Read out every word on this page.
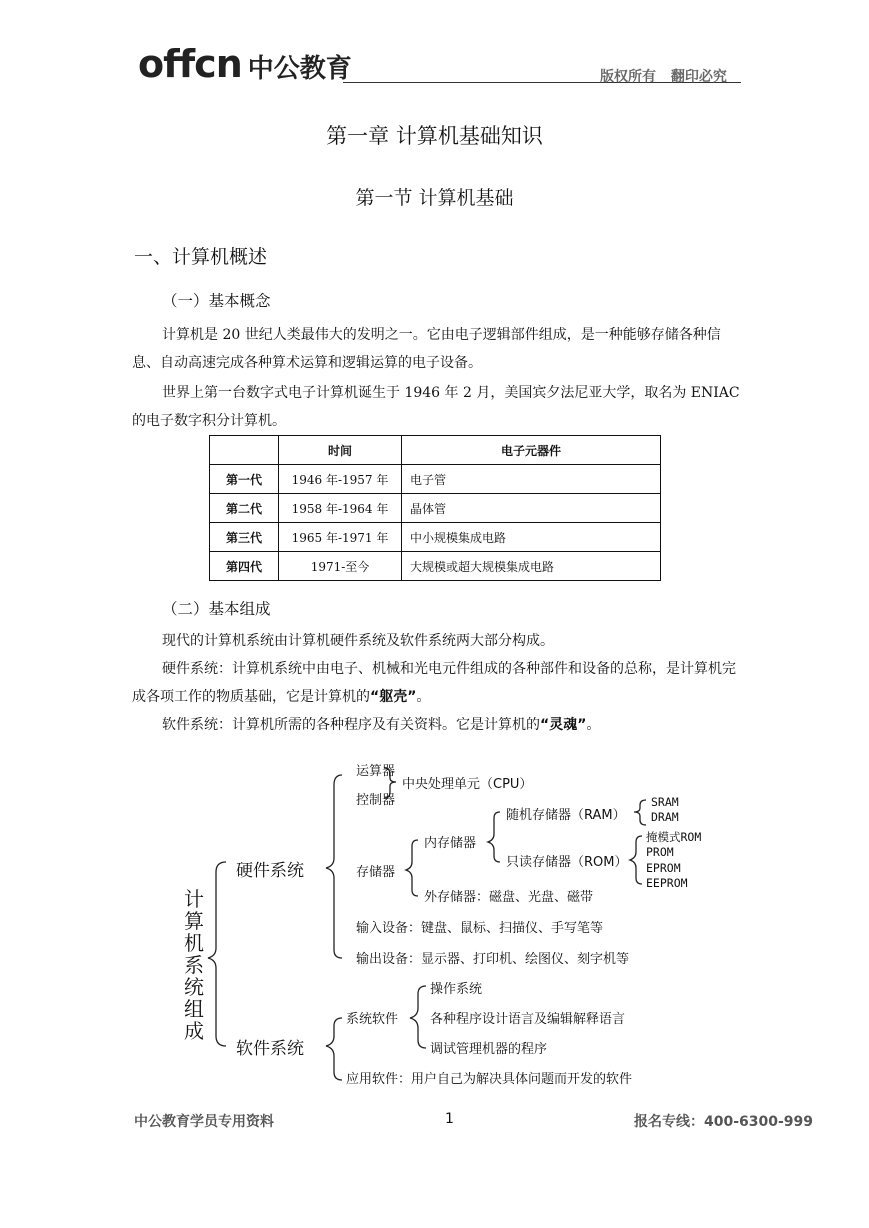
offcn 中公教育	版权所有 翻印必究
第一章 计算机基础知识
第一节 计算机基础
一、计算机概述
（一）基本概念
计算机是 20 世纪人类最伟大的发明之一。它由电子逻辑部件组成，是一种能够存储各种信息、自动高速完成各种算术运算和逻辑运算的电子设备。
世界上第一台数字式电子计算机诞生于 1946 年 2 月，美国宾夕法尼亚大学，取名为 ENIAC 的电子数字积分计算机。
	时间	电子元器件
第一代	1946 年-1957 年	电子管
第二代	1958 年-1964 年	晶体管
第三代	1965 年-1971 年	中小规模集成电路
第四代	1971-至今	大规模或超大规模集成电路
（二）基本组成
现代的计算机系统由计算机硬件系统及软件系统两大部分构成。
硬件系统：计算机系统中由电子、机械和光电元件组成的各种部件和设备的总称，是计算机完成各项工作的物质基础，它是计算机的“躯壳”。
软件系统：计算机所需的各种程序及有关资料。它是计算机的“灵魂”。
计算机系统组成
硬件系统
软件系统
运算器
控制器
中央处理单元（CPU）
存储器
内存储器
随机存储器（RAM）
SRAM
DRAM
只读存储器（ROM）
掩模式ROM
PROM
EPROM
EEPROM
外存储器：磁盘、光盘、磁带
输入设备：键盘、鼠标、扫描仪、手写笔等
输出设备：显示器、打印机、绘图仪、刻字机等
系统软件
操作系统
各种程序设计语言及编辑解释语言
调试管理机器的程序
应用软件：用户自己为解决具体问题而开发的软件
中公教育学员专用资料	1	报名专线：400-6300-999
